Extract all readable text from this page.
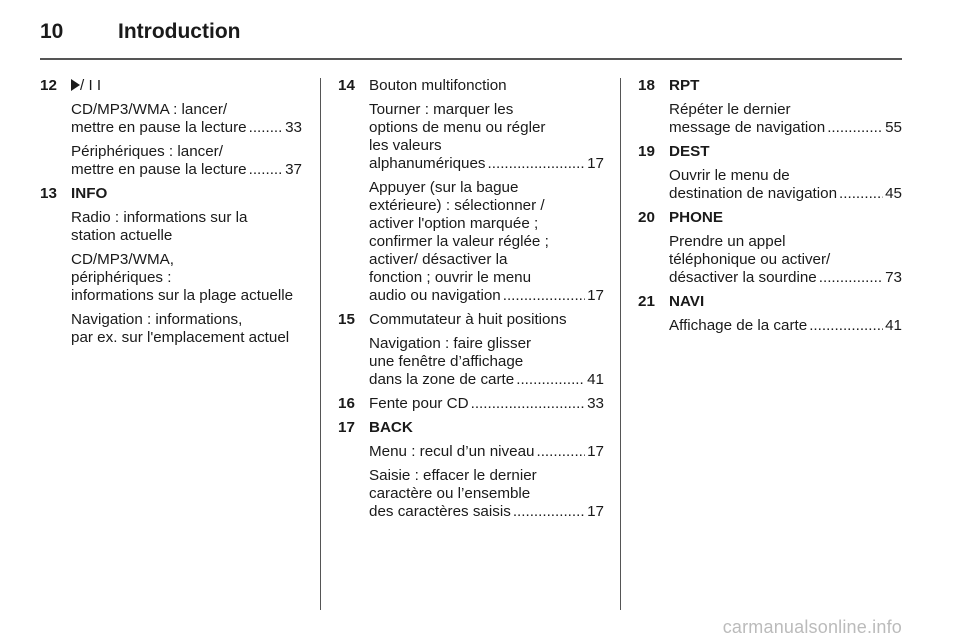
10	Introduction
12 / I I
CD/MP3/WMA : lancer/
mettre en pause la lecture .....	33
Périphériques : lancer/
mettre en pause la lecture .....	37
13 INFO
Radio : informations sur la
station actuelle
CD/MP3/WMA,
périphériques :
informations sur la plage actuelle
Navigation : informations,
par ex. sur l'emplacement actuel
14 Bouton multifonction
Tourner : marquer les
options de menu ou régler
les valeurs
alphanumériques .....	17
Appuyer (sur la bague
extérieure) : sélectionner /
activer l'option marquée ;
confirmer la valeur réglée ;
activer/ désactiver la
fonction ; ouvrir le menu
audio ou navigation .....	17
15 Commutateur à huit positions
Navigation : faire glisser
une fenêtre d’affichage
dans la zone de carte .....	41
16 Fente pour CD .....	33
17 BACK
Menu : recul d’un niveau .....	17
Saisie : effacer le dernier
caractère ou l’ensemble
des caractères saisis .....	17
18 RPT
Répéter le dernier
message de navigation .....	55
19 DEST
Ouvrir le menu de
destination de navigation .....	45
20 PHONE
Prendre un appel
téléphonique ou activer/
désactiver la sourdine .....	73
21 NAVI
Affichage de la carte .....	41
carmanualsonline.info
